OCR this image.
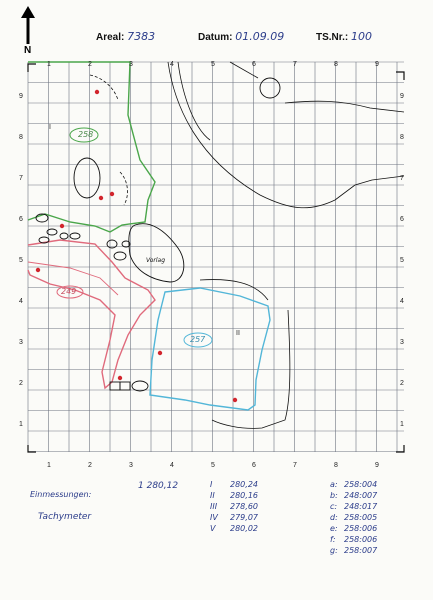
Areal: 7383	Datum: 01.09.09	TS.Nr.: 100
N
258
249
257
Vorlag
I
II
1	2	3	4	5	6	7	8	9
1	2	3	4	5	6	7	8	9
9
8
7
6
5
4
3
2
1
9
8
7
6
5
4
3
2
1
Einmessungen:
Tachymeter
1 280,12	I 280,24
II 280,16
III 278,60
IV 279,07
V 280,02
a: 258:004
b: 248:007
c: 248:017
d: 258:005
e: 258:006
f: 258:006
g: 258:007
